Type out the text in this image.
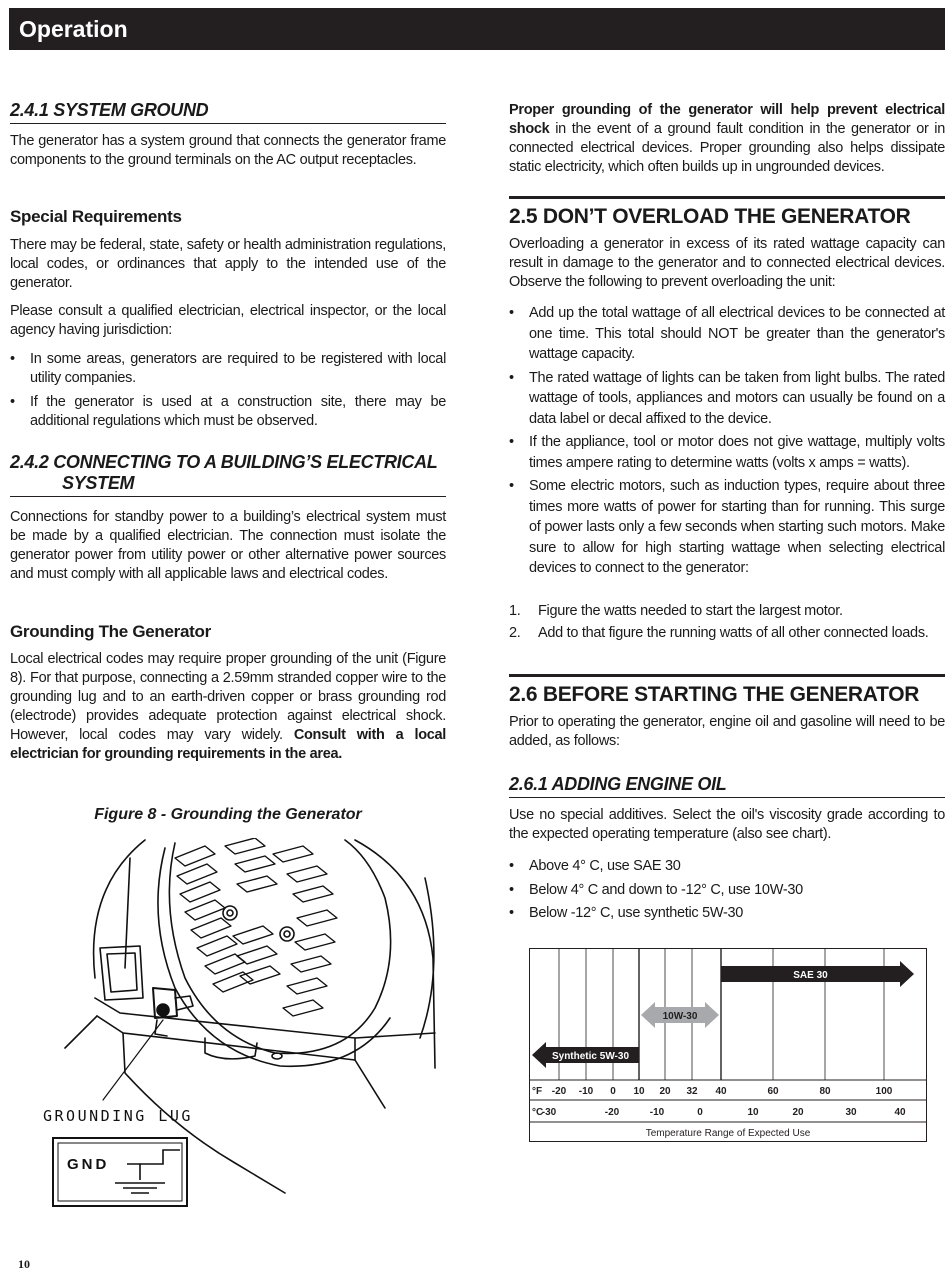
Operation
2.4.1 SYSTEM GROUND

The generator has a system ground that connects the generator frame components to the ground terminals on the AC output receptacles.

Special Requirements

There may be federal, state, safety or health administration regulations, local codes, or ordinances that apply to the intended use of the generator.

Please consult a qualified electrician, electrical inspector, or the local agency having jurisdiction:

• In some areas, generators are required to be registered with local utility companies.
• If the generator is used at a construction site, there may be additional regulations which must be observed.
2.4.2 CONNECTING TO A BUILDING’S ELECTRICAL
SYSTEM

Connections for standby power to a building’s electrical system must be made by a qualified electrician. The connection must isolate the generator power from utility power or other alternative power sources and must comply with all applicable laws and electrical codes.

Grounding The Generator

Local electrical codes may require proper grounding of the unit (Figure 8). For that purpose, connecting a 2.59mm stranded copper wire to the grounding lug and to an earth-driven copper or brass grounding rod (electrode) provides adequate protection against electrical shock. However, local codes may vary widely. Consult with a local electrician for grounding requirements in the area.

Figure 8 - Grounding the Generator
GROUNDING LUG
GND

Proper grounding of the generator will help prevent electrical shock in the event of a ground fault condition in the generator or in connected electrical devices. Proper grounding also helps dissipate static electricity, which often builds up in ungrounded devices.

2.5 DON’T OVERLOAD THE GENERATOR

Overloading a generator in excess of its rated wattage capacity can result in damage to the generator and to connected electrical devices. Observe the following to prevent overloading the unit:

• Add up the total wattage of all electrical devices to be connected at one time. This total should NOT be greater than the generator's wattage capacity.
• The rated wattage of lights can be taken from light bulbs. The rated wattage of tools, appliances and motors can usually be found on a data label or decal affixed to the device.
• If the appliance, tool or motor does not give wattage, multiply volts times ampere rating to determine watts (volts x amps = watts).
• Some electric motors, such as induction types, require about three times more watts of power for starting than for running. This surge of power lasts only a few seconds when starting such motors. Make sure to allow for high starting wattage when selecting electrical devices to connect to the generator:
1. Figure the watts needed to start the largest motor.
2. Add to that figure the running watts of all other connected loads.
2.6 BEFORE STARTING THE GENERATOR

Prior to operating the generator, engine oil and gasoline will need to be added, as follows:

2.6.1 ADDING ENGINE OIL

Use no special additives. Select the oil's viscosity grade according to the expected operating temperature (also see chart).

• Above 4° C, use SAE 30
• Below 4° C and down to -12° C, use 10W-30
• Below -12° C, use synthetic 5W-30
SAE 30
10W-30
Synthetic 5W-30
°F -20 -10 0 10 20 32 40	60	80	100
°C
-30	-20	-10	0	10	20	30	40
Temperature Range of Expected Use
10
